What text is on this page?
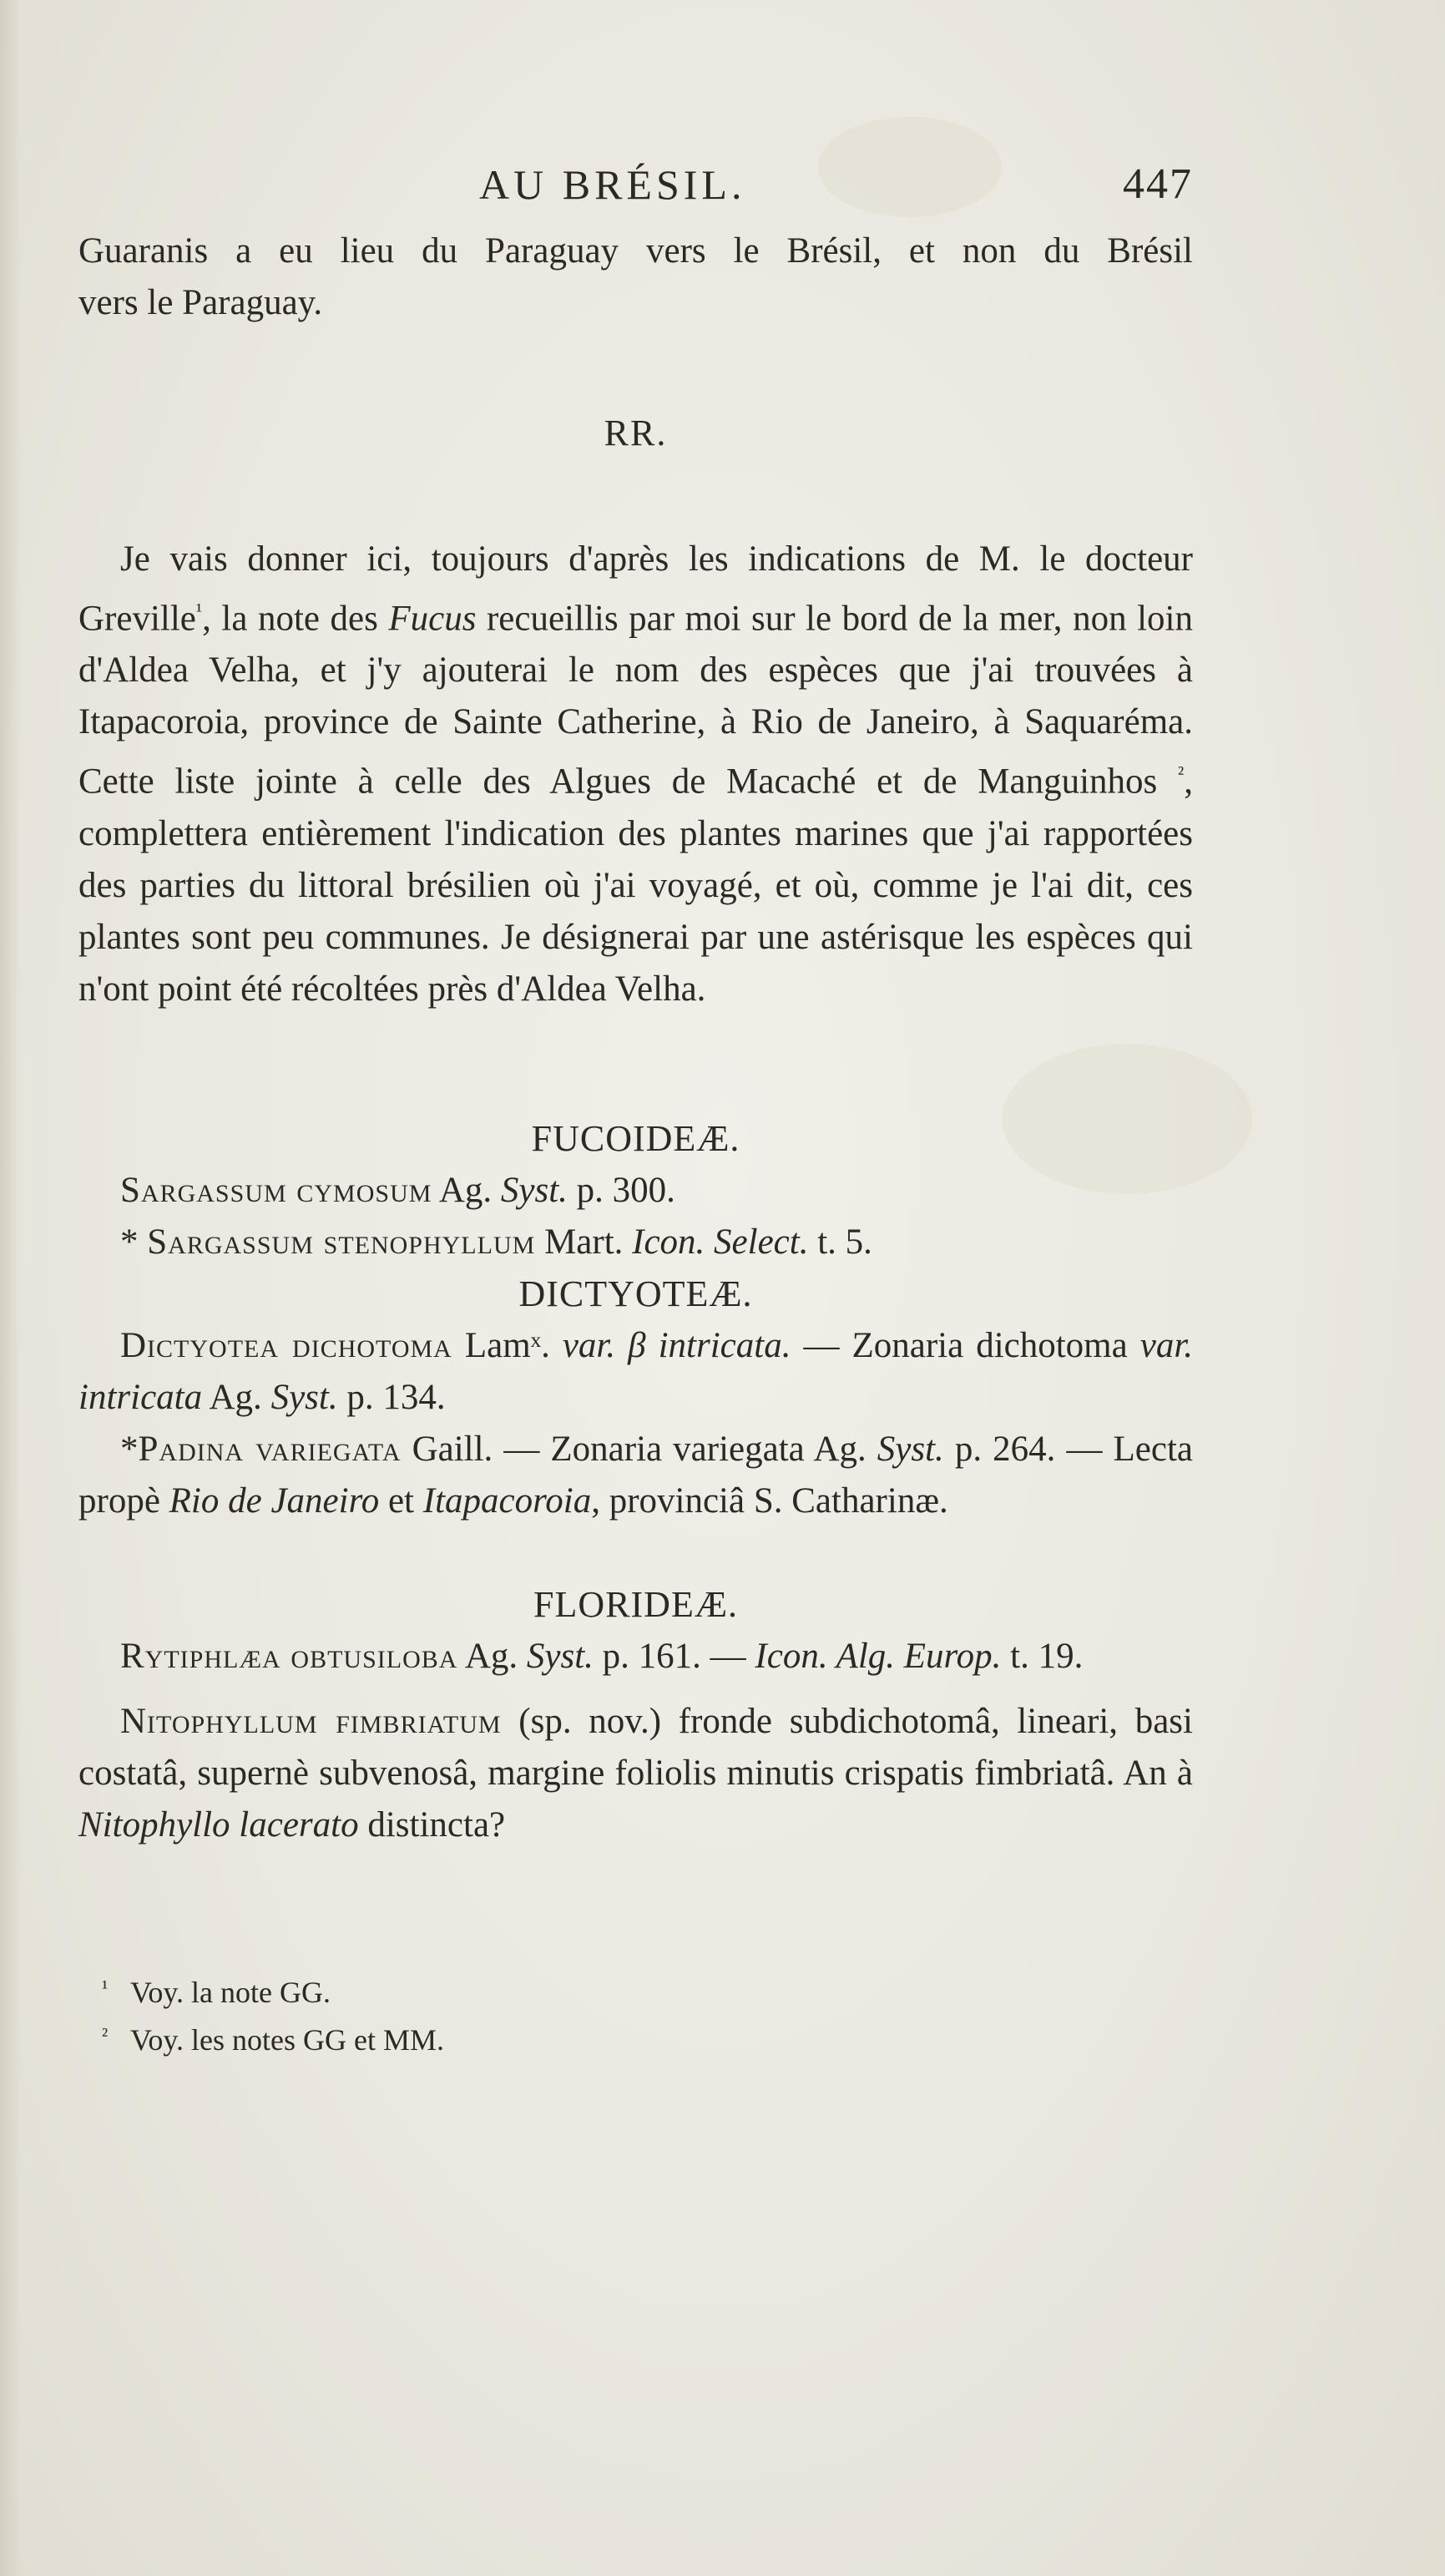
AU BRÉSIL.	447
Guaranis a eu lieu du Paraguay vers le Brésil, et non du Brésil
vers le Paraguay.
RR.

Je vais donner ici, toujours d'après les indications de M. le docteur Greville$^{^1}$, la note des Fucus recueillis par moi sur le bord de la mer, non loin d'Aldea Velha, et j'y ajouterai le nom des espèces que j'ai trouvées à Itapacoroia, province de Sainte Catherine, à Rio de Janeiro, à Saquaréma. Cette liste jointe à celle des Algues de Macaché et de Manguinhos $^{^2}$, complettera entièrement l'indication des plantes marines que j'ai rapportées des parties du littoral brésilien où j'ai voyagé, et où, comme je l'ai dit, ces plantes sont peu communes. Je désignerai par une astérisque les espèces qui n'ont point été récoltées près d'Aldea Velha.

FUCOIDEÆ.

Sargassum cymosum Ag. Syst. p. 300.

* Sargassum stenophyllum Mart. Icon. Select. t. 5.

DICTYOTEÆ.

Dictyotea dichotoma Lamˣ. var. β intricata. — Zonaria dichotoma var. intricata Ag. Syst. p. 134.

*Padina variegata Gaill. — Zonaria variegata Ag. Syst. p. 264. — Lecta propè Rio de Janeiro et Itapacoroia, provinciâ S. Catharinæ.

FLORIDEÆ.

Rytiphlæa obtusiloba Ag. Syst. p. 161. — Icon. Alg. Europ. t. 19.

Nitophyllum fimbriatum (sp. nov.) fronde subdichotomâ, lineari, basi costatâ, supernè subvenosâ, margine foliolis minutis crispatis fimbriatâ. An à Nitophyllo lacerato distincta?

¹ Voy. la note GG.

² Voy. les notes GG et MM.
